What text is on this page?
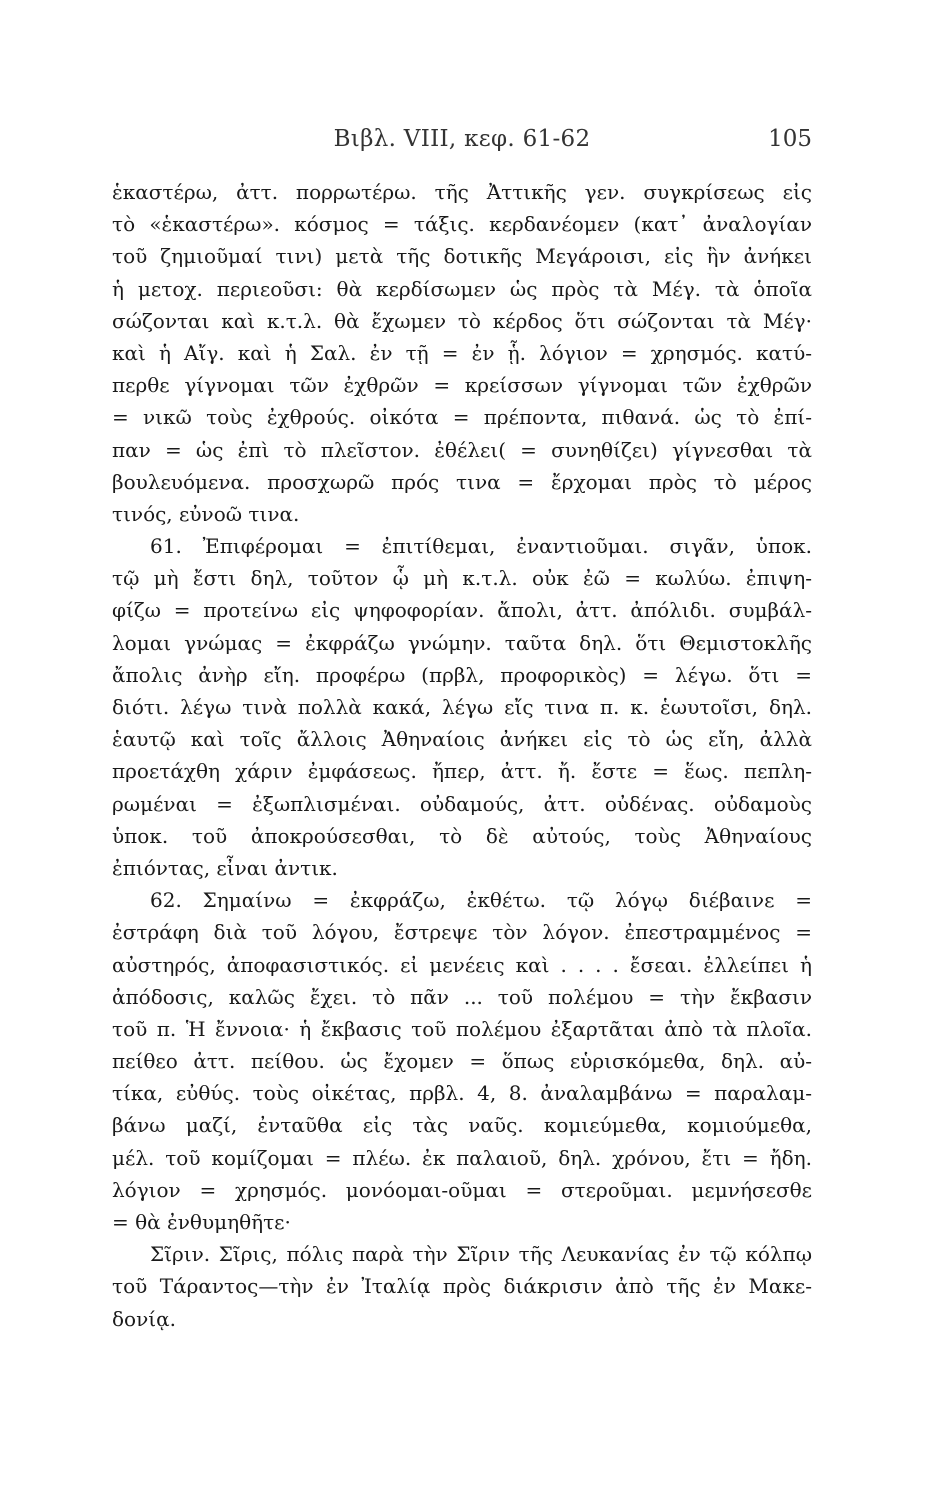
Βιβλ. VIII, κεφ. 61-62	105
ἑκαστέρω, ἀττ. πορρωτέρω. τῆς Ἀττικῆς γεν. συγκρίσεως εἰς
τὸ «ἑκαστέρω». κόσμος = τάξις. κερδανέομεν (κατ᾽ ἀναλογίαν
τοῦ ζημιοῦμαί τινι) μετὰ τῆς δοτικῆς Μεγάροισι, εἰς ἣν ἀνήκει
ἡ μετοχ. περιεοῦσι: θὰ κερδίσωμεν ὡς πρὸς τὰ Μέγ. τὰ ὁποῖα
σώζονται καὶ κ.τ.λ. θὰ ἔχωμεν τὸ κέρδος ὅτι σώζονται τὰ Μέγ·
καὶ ἡ Αἴγ. καὶ ἡ Σαλ. ἐν τῇ = ἐν ᾗ. λόγιον = χρησμός. κατύ-
περθε γίγνομαι τῶν ἐχθρῶν = κρείσσων γίγνομαι τῶν ἐχθρῶν
= νικῶ τοὺς ἐχθρούς. οἰκότα = πρέποντα, πιθανά. ὡς τὸ ἐπί-
παν = ὡς ἐπὶ τὸ πλεῖστον. ἐθέλει( = συνηθίζει) γίγνεσθαι τὰ
βουλευόμενα. προσχωρῶ πρός τινα = ἔρχομαι πρὸς τὸ μέρος
τινός, εὐνοῶ τινα.
61. Ἐπιφέρομαι = ἐπιτίθεμαι, ἐναντιοῦμαι. σιγᾶν, ὑποκ.
τῷ μὴ ἔστι δηλ, τοῦτον ᾧ μὴ κ.τ.λ. οὐκ ἐῶ = κωλύω. ἐπιψη-
φίζω = προτείνω εἰς ψηφοφορίαν. ἄπολι, ἀττ. ἀπόλιδι. συμβάλ-
λομαι γνώμας = ἐκφράζω γνώμην. ταῦτα δηλ. ὅτι Θεμιστοκλῆς
ἄπολις ἀνὴρ εἴη. προφέρω (πρβλ, προφορικὸς) = λέγω. ὅτι =
διότι. λέγω τινὰ πολλὰ κακά, λέγω εἴς τινα π. κ. ἑωυτοῖσι, δηλ.
ἑαυτῷ καὶ τοῖς ἄλλοις Ἀθηναίοις ἀνήκει εἰς τὸ ὡς εἴη, ἀλλὰ
προετάχθη χάριν ἐμφάσεως. ἤπερ, ἀττ. ἤ. ἔστε = ἕως. πεπλη-
ρωμέναι = ἐξωπλισμέναι. οὐδαμούς, ἀττ. οὐδένας. οὐδαμοὺς
ὑποκ. τοῦ ἀποκρούσεσθαι, τὸ δὲ αὐτούς, τοὺς Ἀθηναίους
ἐπιόντας, εἶναι ἀντικ.
62. Σημαίνω = ἐκφράζω, ἐκθέτω. τῷ λόγῳ διέβαινε =
ἐστράφη διὰ τοῦ λόγου, ἔστρεψε τὸν λόγον. ἐπεστραμμένος =
αὐστηρός, ἀποφασιστικός. εἰ μενέεις καὶ . . . . ἔσεαι. ἐλλείπει ἡ
ἀπόδοσις, καλῶς ἔχει. τὸ πᾶν ... τοῦ πολέμου = τὴν ἔκβασιν
τοῦ π. Ἡ ἔννοια· ἡ ἔκβασις τοῦ πολέμου ἐξαρτᾶται ἀπὸ τὰ πλοῖα.
πείθεο ἀττ. πείθου. ὡς ἔχομεν = ὅπως εὑρισκόμεθα, δηλ. αὐ-
τίκα, εὐθύς. τοὺς οἰκέτας, πρβλ. 4, 8. ἀναλαμβάνω = παραλαμ-
βάνω μαζί, ἐνταῦθα εἰς τὰς ναῦς. κομιεύμεθα, κομιούμεθα,
μέλ. τοῦ κομίζομαι = πλέω. ἐκ παλαιοῦ, δηλ. χρόνου, ἔτι = ἤδη.
λόγιον = χρησμός. μονόομαι-οῦμαι = στεροῦμαι. μεμνήσεσθε
= θὰ ἐνθυμηθῆτε·
Σῖριν. Σῖρις, πόλις παρὰ τὴν Σῖριν τῆς Λευκανίας ἐν τῷ κόλπῳ
τοῦ Τάραντος—τὴν ἐν Ἰταλίᾳ πρὸς διάκρισιν ἀπὸ τῆς ἐν Μακε-
δονίᾳ.
